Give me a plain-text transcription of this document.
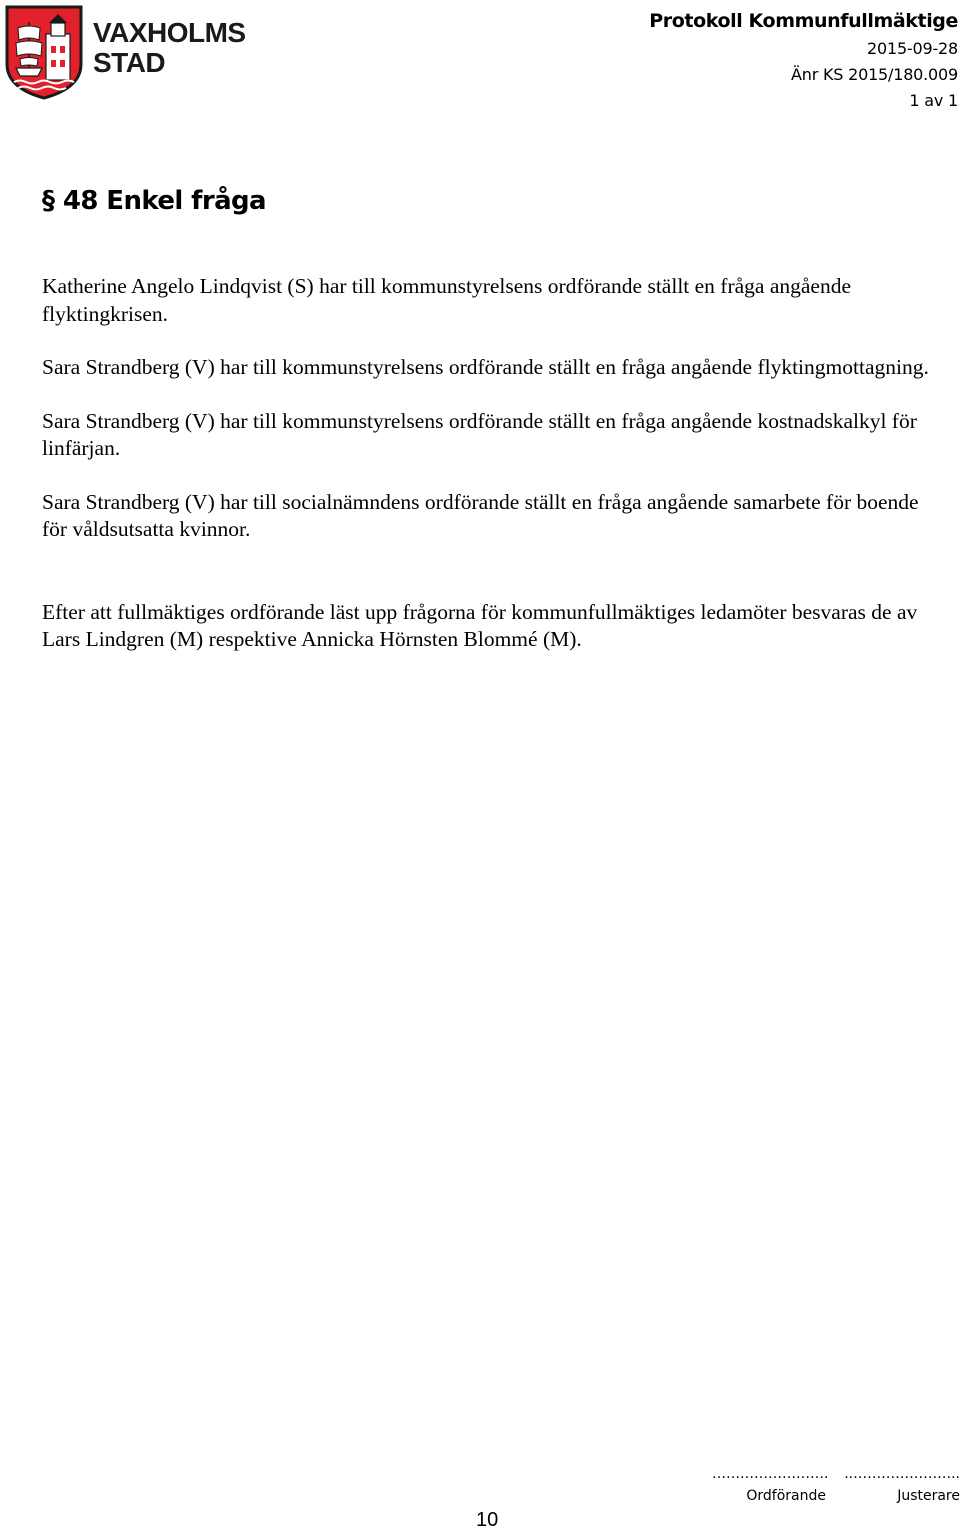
VAXHOLMS
STAD
Protokoll Kommunfullmäktige
2015-09-28
Änr KS 2015/180.009
1 av 1
§ 48 Enkel fråga

Katherine Angelo Lindqvist (S) har till kommunstyrelsens ordförande ställt en fråga angående flyktingkrisen.

Sara Strandberg (V) har till kommunstyrelsens ordförande ställt en fråga angående flyktingmottagning.

Sara Strandberg (V) har till kommunstyrelsens ordförande ställt en fråga angående kostnadskalkyl för linfärjan.

Sara Strandberg (V) har till socialnämndens ordförande ställt en fråga angående samarbete för boende för våldsutsatta kvinnor.

Efter att fullmäktiges ordförande läst upp frågorna för kommunfullmäktiges ledamöter besvaras de av Lars Lindgren (M) respektive Annicka Hörnsten Blommé (M).

…………………….
Ordförande
..…………………..
Justerare
10
